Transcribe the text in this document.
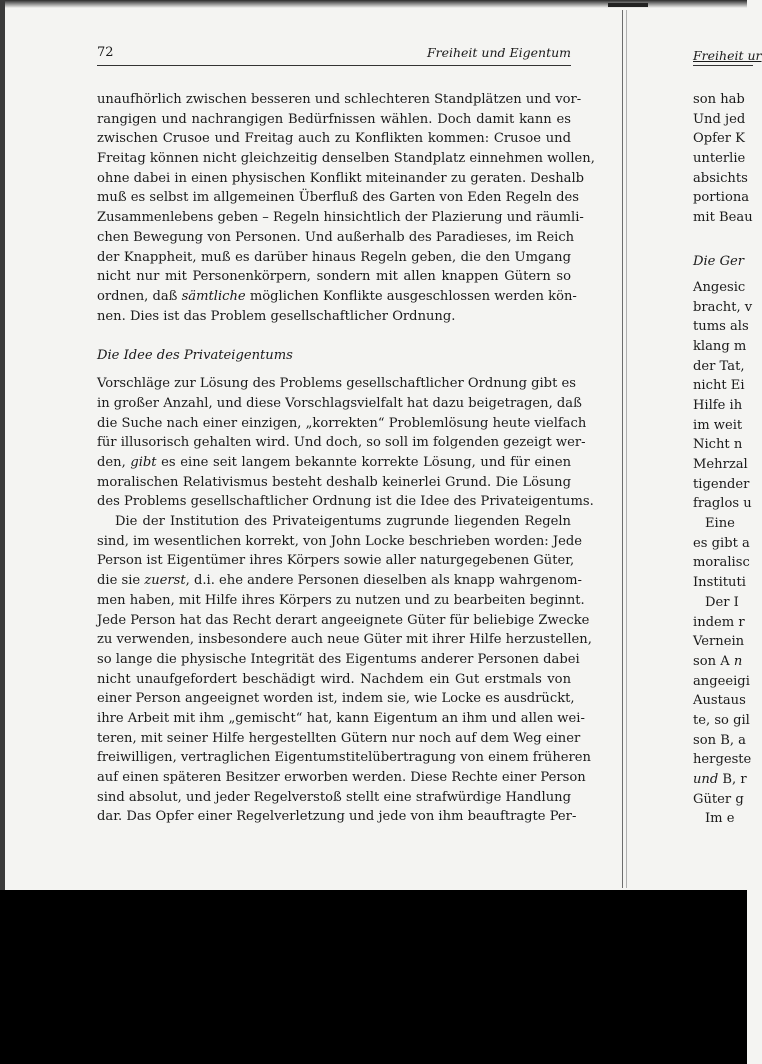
72	Freiheit und Eigentum
unaufhörlich zwischen besseren und schlechteren Standplätzen und vor-
rangigen und nachrangigen Bedürfnissen wählen. Doch damit kann es
zwischen Crusoe und Freitag auch zu Konflikten kommen: Crusoe und
Freitag können nicht gleichzeitig denselben Standplatz einnehmen wollen,
ohne dabei in einen physischen Konflikt miteinander zu geraten. Deshalb
muß es selbst im allgemeinen Überfluß des Garten von Eden Regeln des
Zusammenlebens geben – Regeln hinsichtlich der Plazierung und räumli-
chen Bewegung von Personen. Und außerhalb des Paradieses, im Reich
der Knappheit, muß es darüber hinaus Regeln geben, die den Umgang
nicht nur mit Personenkörpern, sondern mit allen knappen Gütern so
ordnen, daß sämtliche möglichen Konflikte ausgeschlossen werden kön-
nen. Dies ist das Problem gesellschaftlicher Ordnung.
Die Idee des Privateigentums
Vorschläge zur Lösung des Problems gesellschaftlicher Ordnung gibt es
in großer Anzahl, und diese Vorschlagsvielfalt hat dazu beigetragen, daß
die Suche nach einer einzigen, „korrekten“ Problemlösung heute vielfach
für illusorisch gehalten wird. Und doch, so soll im folgenden gezeigt wer-
den, gibt es eine seit langem bekannte korrekte Lösung, und für einen
moralischen Relativismus besteht deshalb keinerlei Grund. Die Lösung
des Problems gesellschaftlicher Ordnung ist die Idee des Privateigentums.
Die der Institution des Privateigentums zugrunde liegenden Regeln
sind, im wesentlichen korrekt, von John Locke beschrieben worden: Jede
Person ist Eigentümer ihres Körpers sowie aller naturgegebenen Güter,
die sie zuerst, d.i. ehe andere Personen dieselben als knapp wahrgenom-
men haben, mit Hilfe ihres Körpers zu nutzen und zu bearbeiten beginnt.
Jede Person hat das Recht derart angeeignete Güter für beliebige Zwecke
zu verwenden, insbesondere auch neue Güter mit ihrer Hilfe herzustellen,
so lange die physische Integrität des Eigentums anderer Personen dabei
nicht unaufgefordert beschädigt wird. Nachdem ein Gut erstmals von
einer Person angeeignet worden ist, indem sie, wie Locke es ausdrückt,
ihre Arbeit mit ihm „gemischt“ hat, kann Eigentum an ihm und allen wei-
teren, mit seiner Hilfe hergestellten Gütern nur noch auf dem Weg einer
freiwilligen, vertraglichen Eigentumstitelübertragung von einem früheren
auf einen späteren Besitzer erworben werden. Diese Rechte einer Person
sind absolut, und jeder Regelverstoß stellt eine strafwürdige Handlung
dar. Das Opfer einer Regelverletzung und jede von ihm beauftragte Per-
Freiheit ur
son hab
Und jed
Opfer K
unterlie
absichts
portiona
mit Beau
Die Ger
Angesic
bracht, v
tums als
klang m
der Tat,
nicht Ei
Hilfe ih
im weit
Nicht n
Mehrzal
tigender
fraglos u
Eine
es gibt a
moralisc
Instituti
Der I
indem r
Vernein
son A n
angeeigi
Austaus
te, so gil
son B, a
hergeste
und B, r
Güter g
Im e
